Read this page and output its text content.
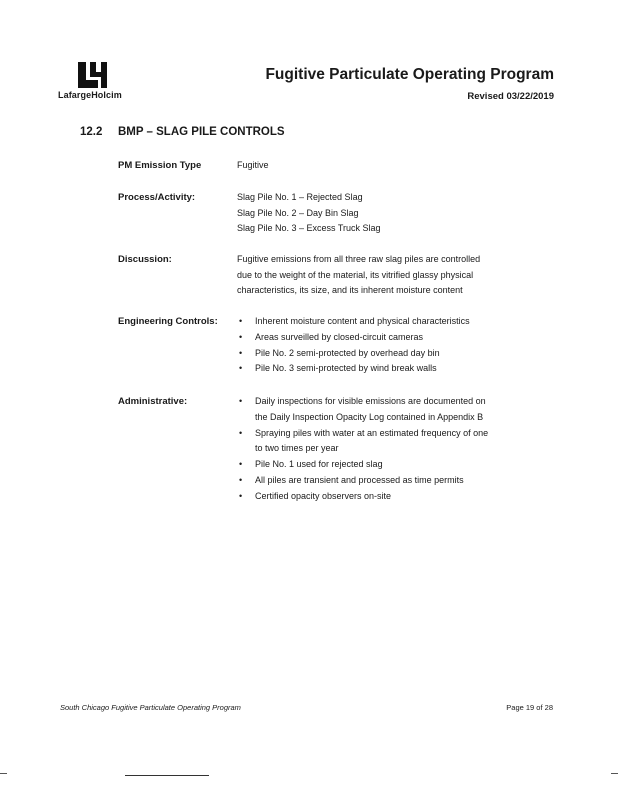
LafargeHolcim
Fugitive Particulate Operating Program
Revised 03/22/2019
12.2 BMP – SLAG PILE CONTROLS
PM Emission Type	Fugitive
Process/Activity:	Slag Pile No. 1 – Rejected Slag
Slag Pile No. 2 – Day Bin Slag
Slag Pile No. 3 – Excess Truck Slag
Discussion:	Fugitive emissions from all three raw slag piles are controlled
due to the weight of the material, its vitrified glassy physical
characteristics, its size, and its inherent moisture content
Engineering Controls:	• Inherent moisture content and physical characteristics
• Areas surveilled by closed-circuit cameras
• Pile No. 2 semi-protected by overhead day bin
• Pile No. 3 semi-protected by wind break walls
Administrative:	• Daily inspections for visible emissions are documented on
the Daily Inspection Opacity Log contained in Appendix B
• Spraying piles with water at an estimated frequency of one
to two times per year
• Pile No. 1 used for rejected slag
• All piles are transient and processed as time permits
• Certified opacity observers on-site
South Chicago Fugitive Particulate Operating Program	Page 19 of 28
